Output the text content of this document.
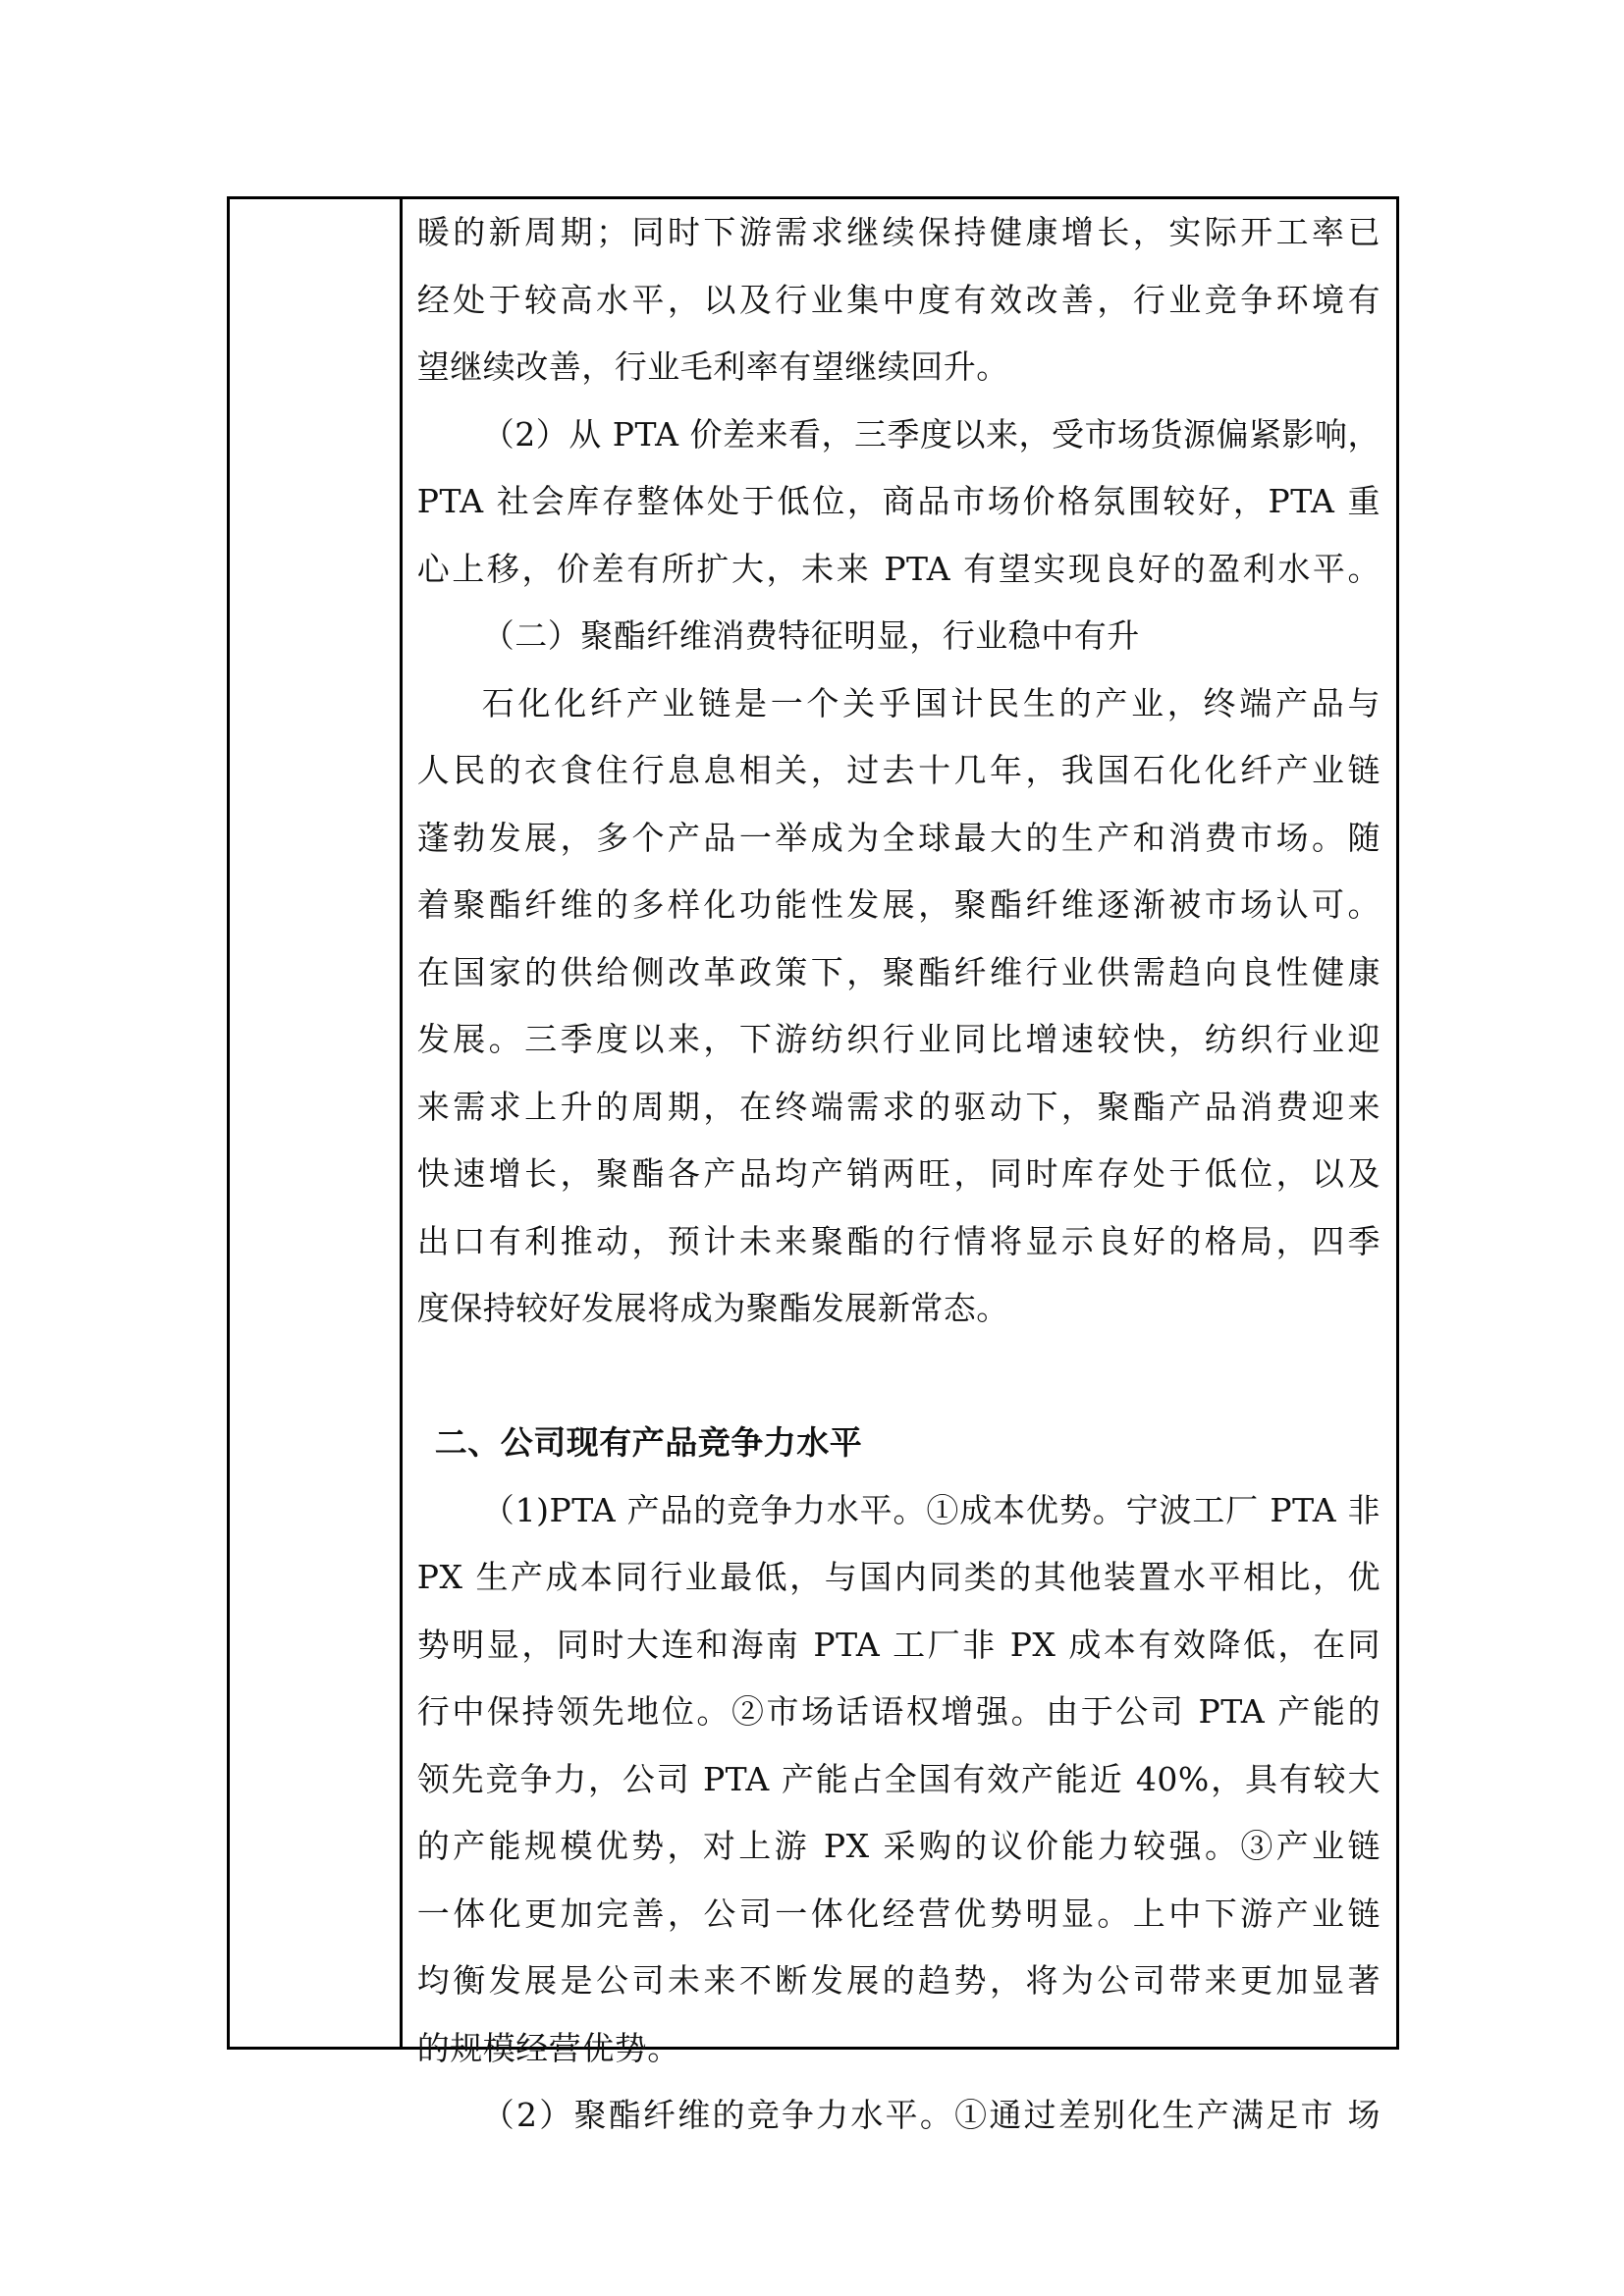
暖的新周期；同时下游需求继续保持健康增长，实际开工率已
经处于较高水平，以及行业集中度有效改善，行业竞争环境有
望继续改善，行业毛利率有望继续回升。
（2）从 PTA 价差来看，三季度以来，受市场货源偏紧影响，
PTA 社会库存整体处于低位，商品市场价格氛围较好，PTA 重
心上移，价差有所扩大，未来 PTA 有望实现良好的盈利水平。
（二）聚酯纤维消费特征明显，行业稳中有升
石化化纤产业链是一个关乎国计民生的产业，终端产品与
人民的衣食住行息息相关，过去十几年，我国石化化纤产业链
蓬勃发展，多个产品一举成为全球最大的生产和消费市场。随
着聚酯纤维的多样化功能性发展，聚酯纤维逐渐被市场认可。
在国家的供给侧改革政策下，聚酯纤维行业供需趋向良性健康
发展。三季度以来，下游纺织行业同比增速较快，纺织行业迎
来需求上升的周期，在终端需求的驱动下，聚酯产品消费迎来
快速增长，聚酯各产品均产销两旺，同时库存处于低位，以及
出口有利推动，预计未来聚酯的行情将显示良好的格局，四季
度保持较好发展将成为聚酯发展新常态。
二、公司现有产品竞争力水平
（1)PTA 产品的竞争力水平。①成本优势。宁波工厂 PTA 非
PX 生产成本同行业最低，与国内同类的其他装置水平相比，优
势明显，同时大连和海南 PTA 工厂非 PX 成本有效降低，在同
行中保持领先地位。②市场话语权增强。由于公司 PTA 产能的
领先竞争力，公司 PTA 产能占全国有效产能近 40%，具有较大
的产能规模优势，对上游 PX 采购的议价能力较强。③产业链
一体化更加完善，公司一体化经营优势明显。上中下游产业链
均衡发展是公司未来不断发展的趋势，将为公司带来更加显著
的规模经营优势。
（2）聚酯纤维的竞争力水平。①通过差别化生产满足市 场
